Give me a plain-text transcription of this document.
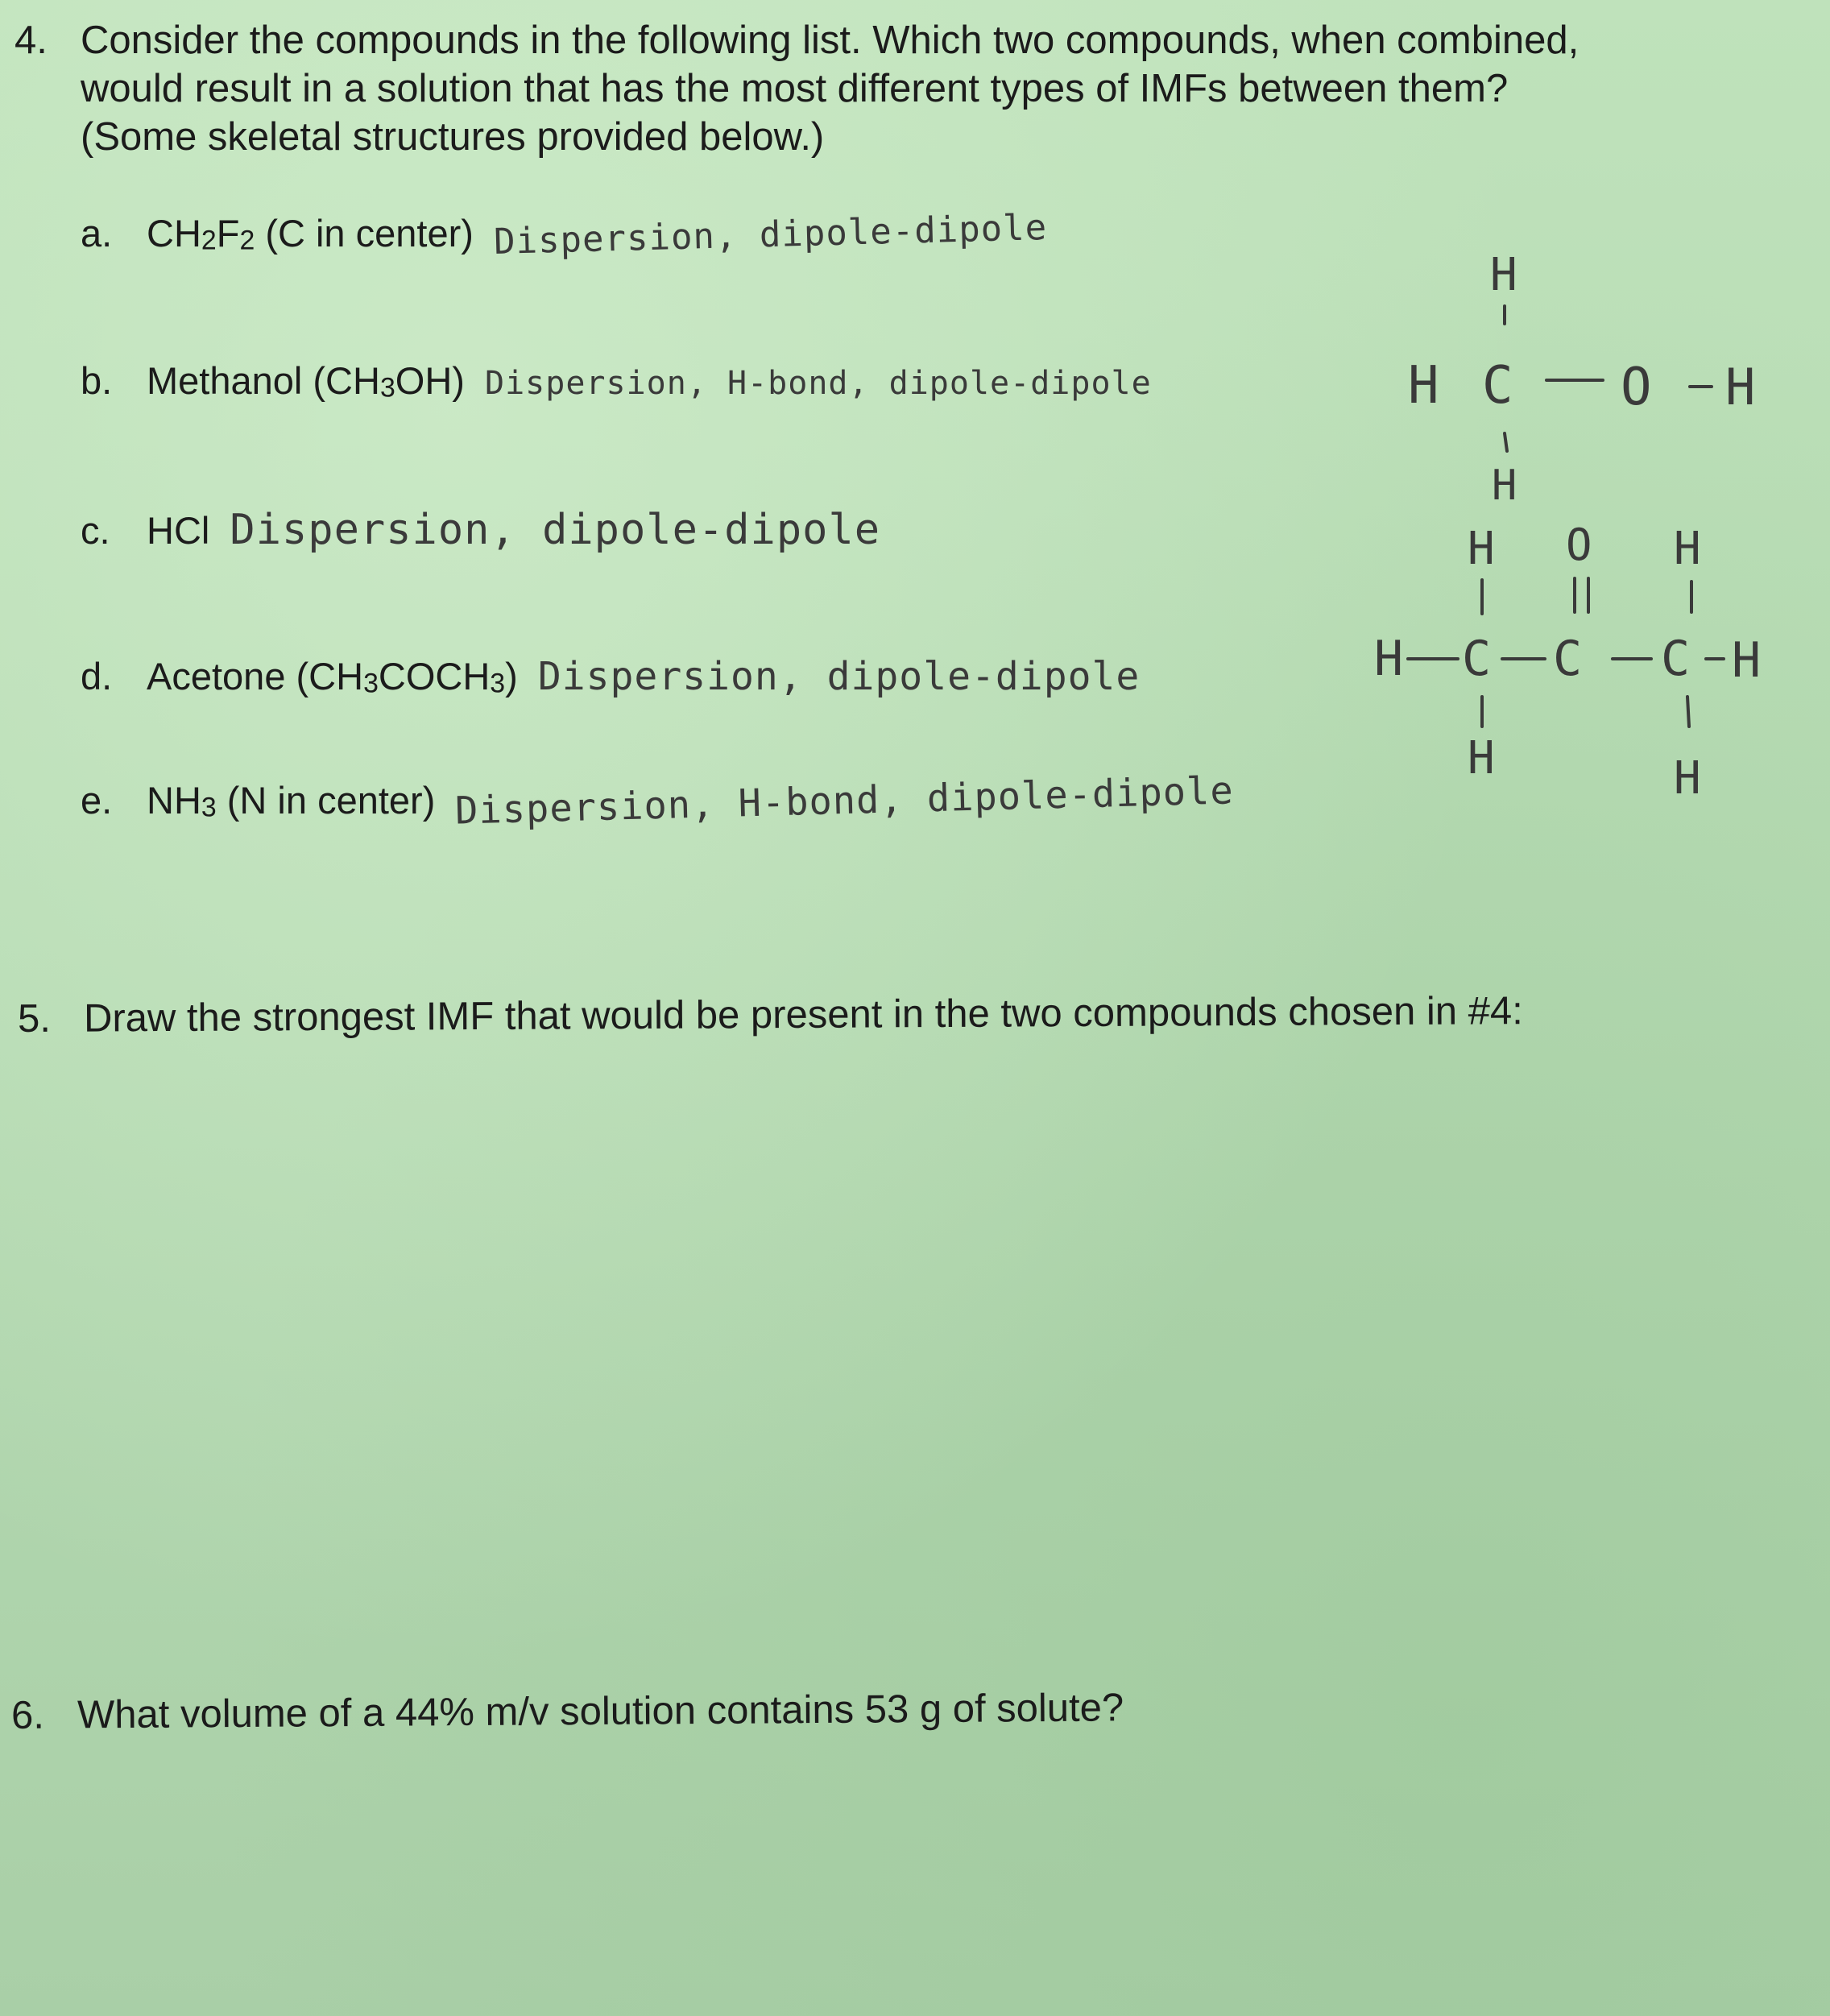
4. Consider the compounds in the following list. Which two compounds, when combined,
would result in a solution that has the most different types of IMFs between them?
(Some skeletal structures provided below.)
a. CH2F2 (C in center) Dispersion, dipole-dipole
b. Methanol (CH3OH) Dispersion, H-bond, dipole-dipole
c. HCl Dispersion, dipole-dipole
d. Acetone (CH3COCH3) Dispersion, dipole-dipole
e. NH3 (N in center) Dispersion, H-bond, dipole-dipole
H
H C O H
H
H O H
H C C C H
H	H
5. Draw the strongest IMF that would be present in the two compounds chosen in #4:
6. What volume of a 44% m/v solution contains 53 g of solute?
